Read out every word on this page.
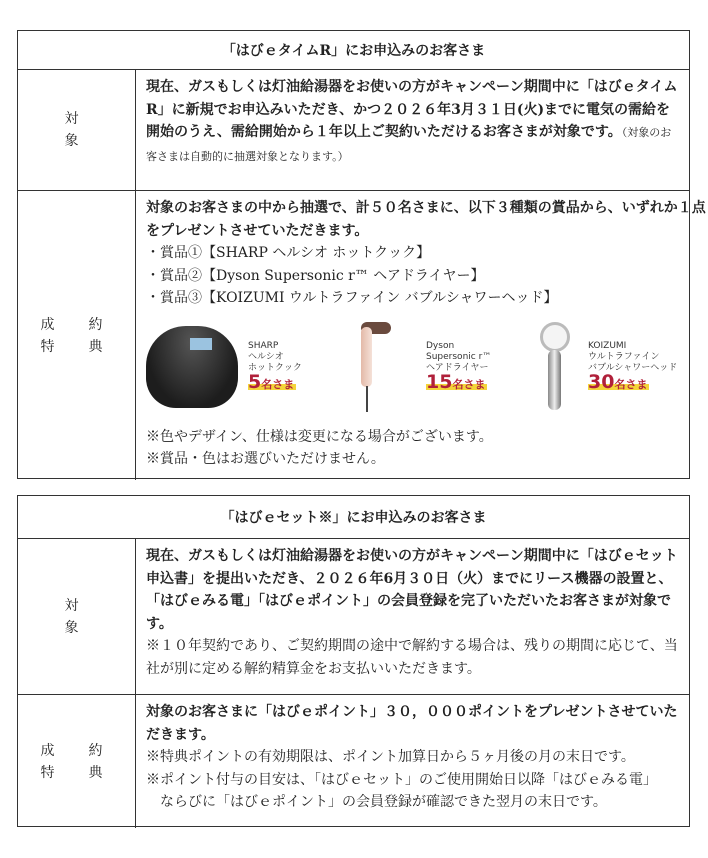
「はびｅタイムR」にお申込みのお客さま
対
象
現在、ガスもしくは灯油給湯器をお使いの方がキャンペーン期間中に「はびｅタイムR」に新規でお申込みいただき、かつ２０２６年3月３１日(火)までに電気の需給を開始のうえ、需給開始から１年以上ご契約いただけるお客さまが対象です。（対象のお客さまは自動的に抽選対象となります。）
成　約
特　典
対象のお客さまの中から抽選で、計５０名さまに、以下３種類の賞品から、いずれか１点をプレゼントさせていただきます。
・賞品①【SHARP ヘルシオ ホットクック】
・賞品②【Dyson Supersonic r™ ヘアドライヤー】
・賞品③【KOIZUMI ウルトラファイン バブルシャワーヘッド】
SHARP
ヘルシオ
ホットクック
5名さま
Dyson
Supersonic r™
ヘアドライヤー
15名さま
KOIZUMI
ウルトラファイン
バブルシャワーヘッド
30名さま
※色やデザイン、仕様は変更になる場合がございます。
※賞品・色はお選びいただけません。
「はびｅセット※」にお申込みのお客さま
対
象
現在、ガスもしくは灯油給湯器をお使いの方がキャンペーン期間中に「はびｅセット申込書」を提出いただき、２０２６年6月３０日（火）までにリース機器の設置と、「はびｅみる電」「はびｅポイント」の会員登録を完了いただいたお客さまが対象です。
※１０年契約であり、ご契約期間の途中で解約する場合は、残りの期間に応じて、当社が別に定める解約精算金をお支払いいただきます。
成　約
特　典
対象のお客さまに「はびｅポイント」３０，０００ポイントをプレゼントさせていただきます。
※特典ポイントの有効期限は、ポイント加算日から５ヶ月後の月の末日です。
※ポイント付与の目安は、「はびｅセット」のご使用開始日以降「はびｅみる電」
　ならびに「はびｅポイント」の会員登録が確認できた翌月の末日です。
